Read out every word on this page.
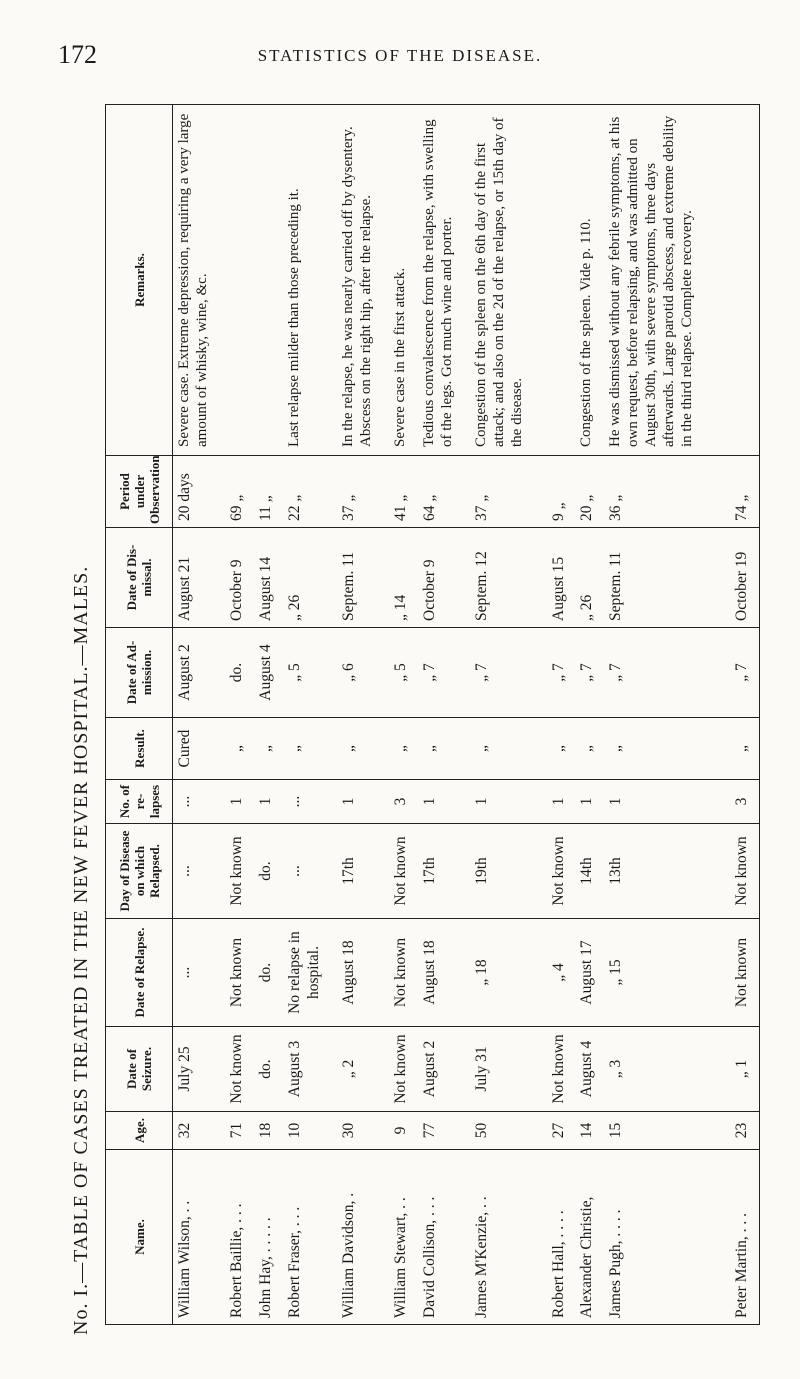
172	STATISTICS OF THE DISEASE.
No. I.—TABLE OF CASES TREATED IN THE NEW FEVER HOSPITAL.—MALES.	Name.	Age.	Date of Seizure.	Date of Relapse.	Day of Disease on which Relapsed.	No. of re-lapses	Result.	Date of Ad-mission.	Date of Dis-missal.	Period under Observation	Remarks.
William Wilson, . .	32	July 25	...	...	...	Cured	August 2	August 21	20 days	Severe case. Extreme depression, requiring a very large amount of whisky, wine, &c.
Robert Baillie, . . .	71	Not known	Not known	Not known	1	„	do.	October 9	69 „	
John Hay, . . . . .	18	do.	do.	do.	1	„	August 4	August 14	11 „	
Robert Fraser, . . .	10	August 3	No relapse in hospital.	...	...	„	„ 5	„ 26	22 „	Last relapse milder than those preceding it.
William Davidson, .	30	„ 2	August 18	17th	1	„	„ 6	Septem. 11	37 „	In the relapse, he was nearly carried off by dysentery. Abscess on the right hip, after the relapse.
William Stewart, . .	9	Not known	Not known	Not known	3	„	„ 5	„ 14	41 „	Severe case in the first attack.
David Collison, . . .	77	August 2	August 18	17th	1	„	„ 7	October 9	64 „	Tedious convalescence from the relapse, with swelling of the legs. Got much wine and porter.
James M'Kenzie, . .	50	July 31	„ 18	19th	1	„	„ 7	Septem. 12	37 „	Congestion of the spleen on the 6th day of the first attack; and also on the 2d of the relapse, or 15th day of the disease.
Robert Hall, . . . .	27	Not known	„ 4	Not known	1	„	„ 7	August 15	9 „	
Alexander Christie,	14	August 4	August 17	14th	1	„	„ 7	„ 26	20 „	Congestion of the spleen. Vide p. 110.
James Pugh, . . . .	15	„ 3	„ 15	13th	1	„	„ 7	Septem. 11	36 „	He was dismissed without any febrile symptoms, at his own request, before relapsing, and was admitted on August 30th, with severe symptoms, three days afterwards. Large parotid abscess, and extreme debility in the third relapse. Complete recovery.
Peter Martin, . . .	23	„ 1	Not known	Not known	3	„	„ 7	October 19	74 „	
